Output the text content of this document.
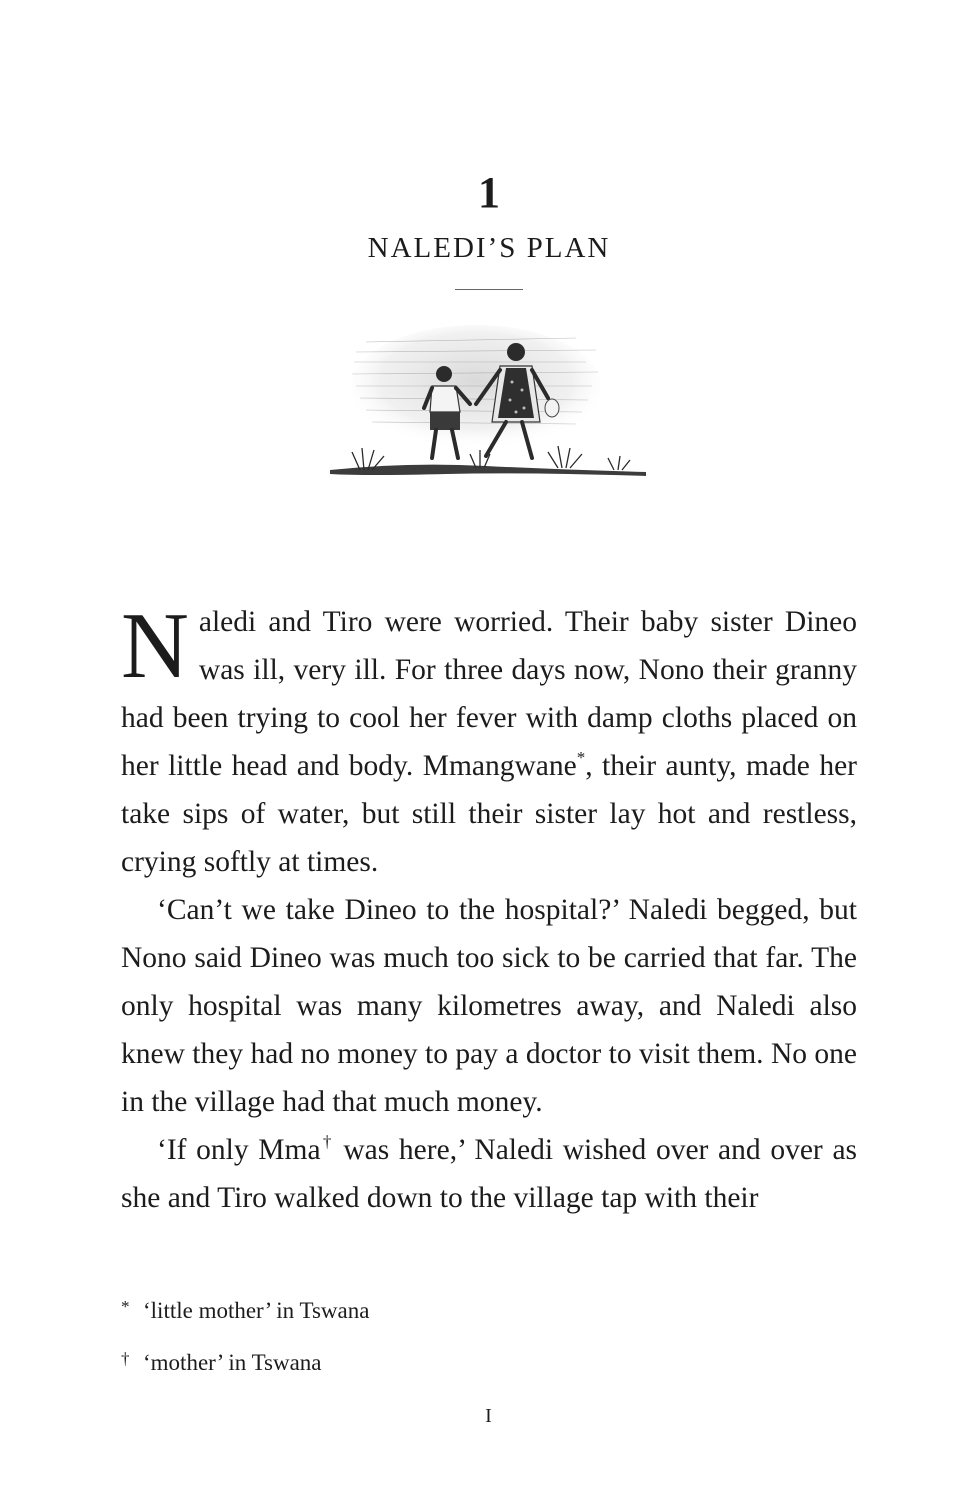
1
NALEDI’S PLAN

Naledi and Tiro were worried. Their baby sister Dineo was ill, very ill. For three days now, Nono their granny had been trying to cool her fever with damp cloths placed on her little head and body. Mmangwane*, their aunty, made her take sips of water, but still their sister lay hot and restless, crying softly at times.

‘Can’t we take Dineo to the hospital?’ Naledi begged, but Nono said Dineo was much too sick to be carried that far. The only hospital was many kilometres away, and Naledi also knew they had no money to pay a doctor to visit them. No one in the village had that much money.

‘If only Mma† was here,’ Naledi wished over and over as she and Tiro walked down to the village tap with their

* ‘little mother’ in Tswana
† ‘mother’ in Tswana
I
